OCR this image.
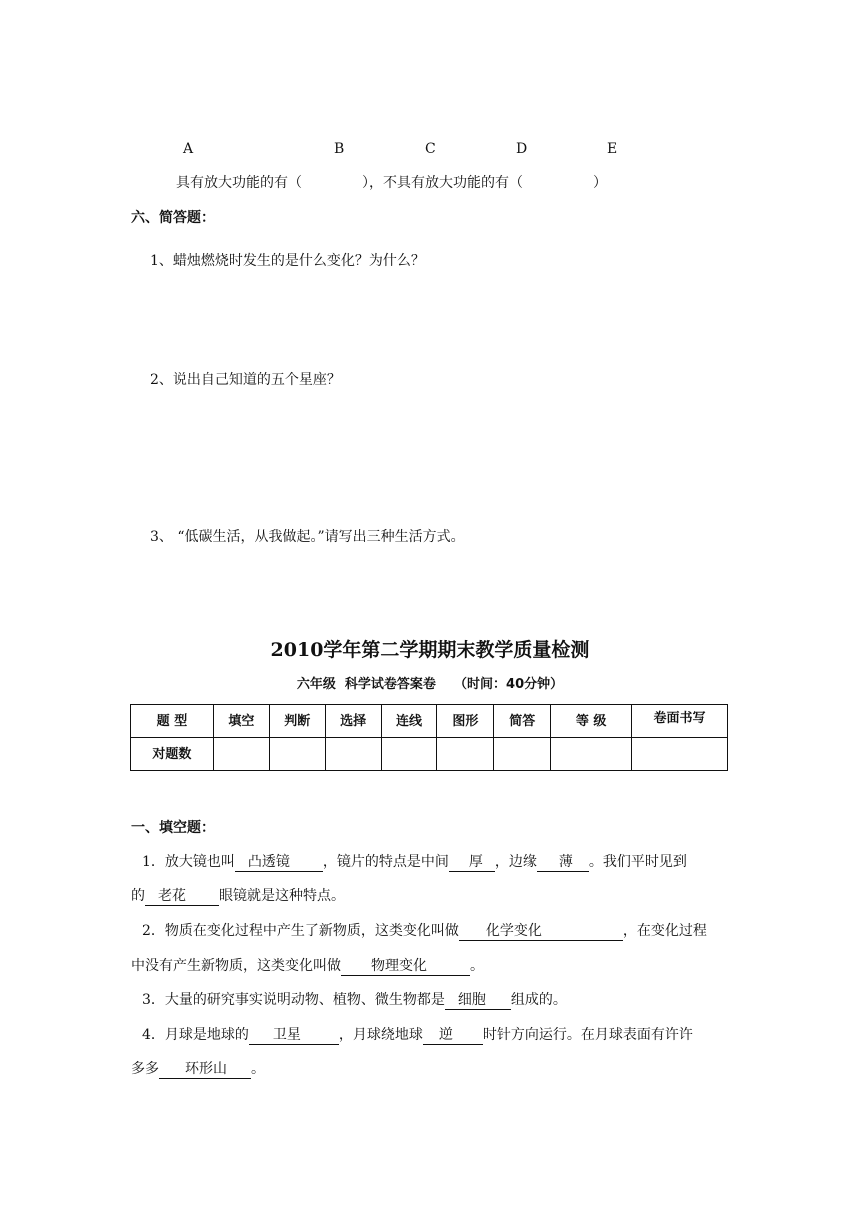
A	B	C	D	E
具有放大功能的有（	），不具有放大功能的有（	）
六、简答题：
1、蜡烛燃烧时发生的是什么变化？为什么？
2、说出自己知道的五个星座？
3、 “低碳生活，从我做起。”请写出三种生活方式。
2010学年第二学期期末教学质量检测
六年级  科学试卷答案卷    （时间：40分钟）
题 型	填空	判断	选择	连线	图形	简答	等 级	卷面书写
对题数								
一、填空题：
1．放大镜也叫 凸透镜 ，镜片的特点是中间 厚 ，边缘 薄 。我们平时见到
的 老花 眼镜就是这种特点。
2．物质在变化过程中产生了新物质，这类变化叫做 化学变化	，在变化过程
中没有产生新物质，这类变化叫做 物理变化	。
3．大量的研究事实说明动物、植物、微生物都是 细胞 组成的。
4．月球是地球的 卫星	，月球绕地球 逆 时针方向运行。在月球表面有许许
多多 环形山 。
